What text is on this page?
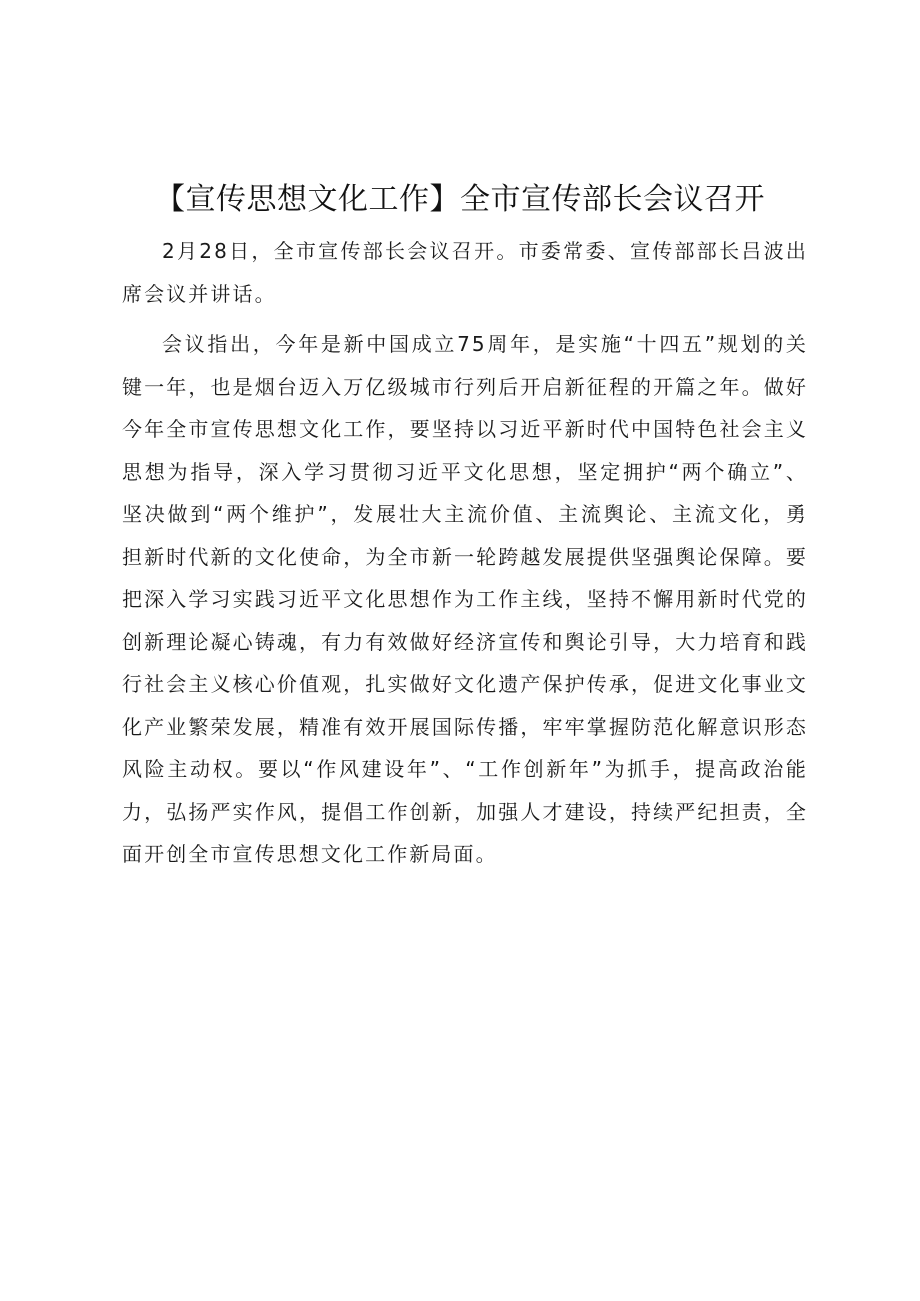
【宣传思想文化工作】全市宣传部长会议召开

2月28日，全市宣传部长会议召开。市委常委、宣传部部长吕波出席会议并讲话。

会议指出，今年是新中国成立75周年，是实施“十四五”规划的关键一年，也是烟台迈入万亿级城市行列后开启新征程的开篇之年。做好今年全市宣传思想文化工作，要坚持以习近平新时代中国特色社会主义思想为指导，深入学习贯彻习近平文化思想，坚定拥护“两个确立”、坚决做到“两个维护”，发展壮大主流价值、主流舆论、主流文化，勇担新时代新的文化使命，为全市新一轮跨越发展提供坚强舆论保障。要把深入学习实践习近平文化思想作为工作主线，坚持不懈用新时代党的创新理论凝心铸魂，有力有效做好经济宣传和舆论引导，大力培育和践行社会主义核心价值观，扎实做好文化遗产保护传承，促进文化事业文化产业繁荣发展，精准有效开展国际传播，牢牢掌握防范化解意识形态风险主动权。要以“作风建设年”、“工作创新年”为抓手，提高政治能力，弘扬严实作风，提倡工作创新，加强人才建设，持续严纪担责，全面开创全市宣传思想文化工作新局面。
